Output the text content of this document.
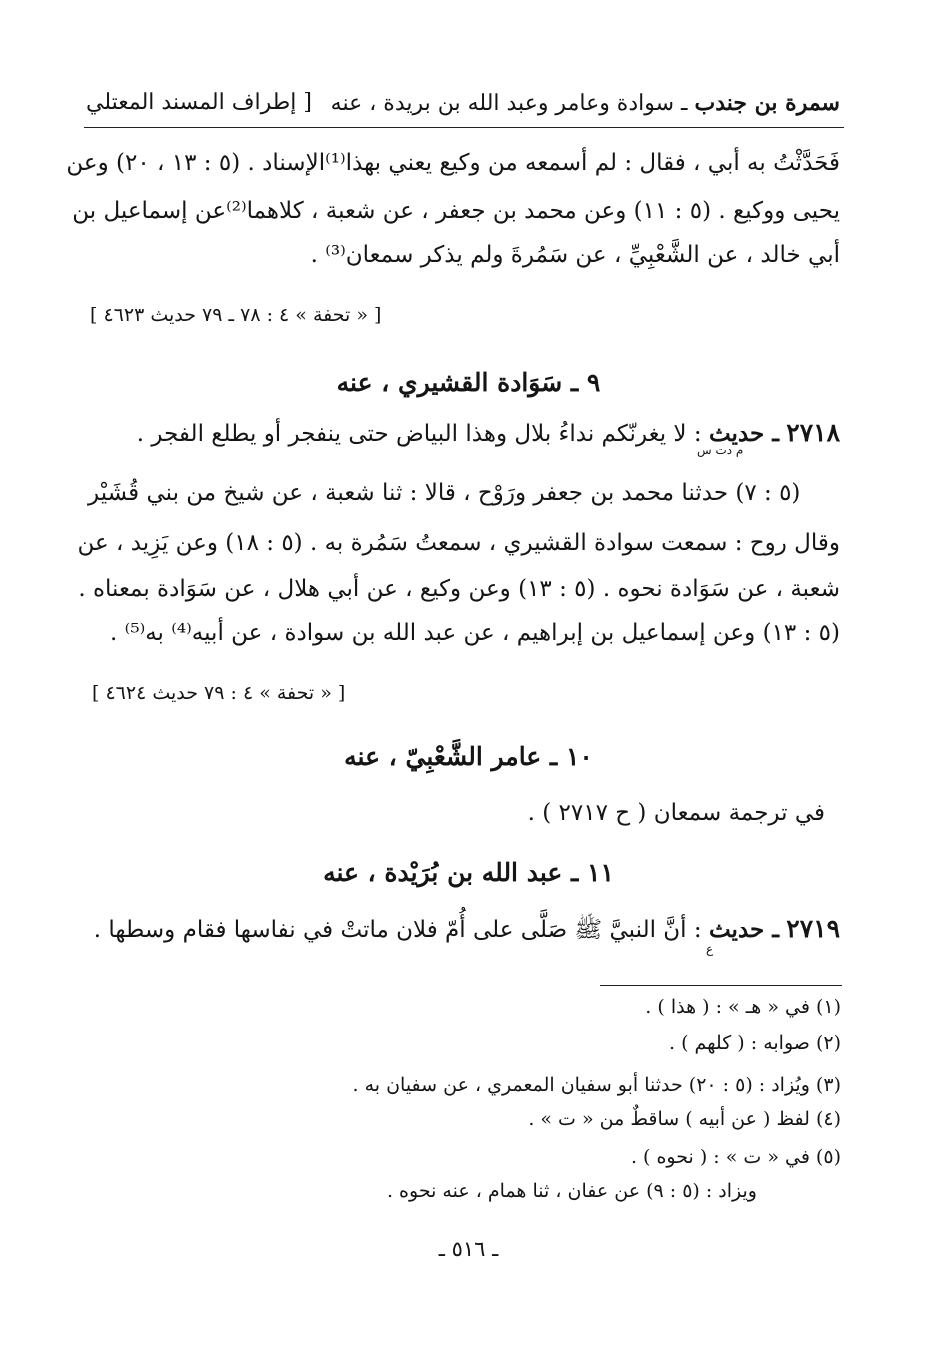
سمرة بن جندب ـ سوادة وعامر وعبد الله بن بريدة ، عنه
[ إطراف المسند المعتلي
فَحَدَّثْتُ به أبي ، فقال : لم أسمعه من وكيع يعني بهذا⁽¹⁾الإسناد . (٥ : ١٣ ، ٢٠) وعن
يحيى ووكيع . (٥ : ١١) وعن محمد بن جعفر ، عن شعبة ، كلاهما⁽²⁾عن إسماعيل بن
أبي خالد ، عن الشَّعْبِيِّ ، عن سَمُرةَ ولم يذكر سمعان⁽³⁾ .
[ « تحفة » ٤ : ٧٨ ـ ٧٩ حديث ٤٦٢٣ ]
٩ ـ سَوَادة القشيري ، عنه
٢٧١٨ ـ حديث : لا يغرنّكم نداءُ بلال وهذا البياض حتى ينفجر أو يطلع الفجر .
م دت س
(٥ : ٧) حدثنا محمد بن جعفر ورَوْح ، قالا : ثنا شعبة ، عن شيخ من بني قُشَيْر
وقال روح : سمعت سوادة القشيري ، سمعتُ سَمُرة به . (٥ : ١٨) وعن يَزِيد ، عن
شعبة ، عن سَوَادة نحوه . (٥ : ١٣) وعن وكيع ، عن أبي هلال ، عن سَوَادة بمعناه .
(٥ : ١٣) وعن إسماعيل بن إبراهيم ، عن عبد الله بن سوادة ، عن أبيه⁽⁴⁾ به⁽⁵⁾ .
[ « تحفة » ٤ : ٧٩ حديث ٤٦٢٤ ]
١٠ ـ عامر الشَّعْبِيّ ، عنه
في ترجمة سمعان ( ح ٢٧١٧ ) .
١١ ـ عبد الله بن بُرَيْدة ، عنه
٢٧١٩ ـ حديث : أنَّ النبيَّ ﷺ صَلَّى على أُمّ فلان ماتتْ في نفاسها فقام وسطها .
ع
(١) في « هـ » : ( هذا ) .
(٢) صوابه : ( كلهم ) .
(٣) ويُزاد : (٥ : ٢٠) حدثنا أبو سفيان المعمري ، عن سفيان به .
(٤) لفظ ( عن أبيه ) ساقطٌ من « ت » .
(٥) في « ت » : ( نحوه ) .
ويزاد : (٥ : ٩) عن عفان ، ثنا همام ، عنه نحوه .
ـ ٥١٦ ـ
